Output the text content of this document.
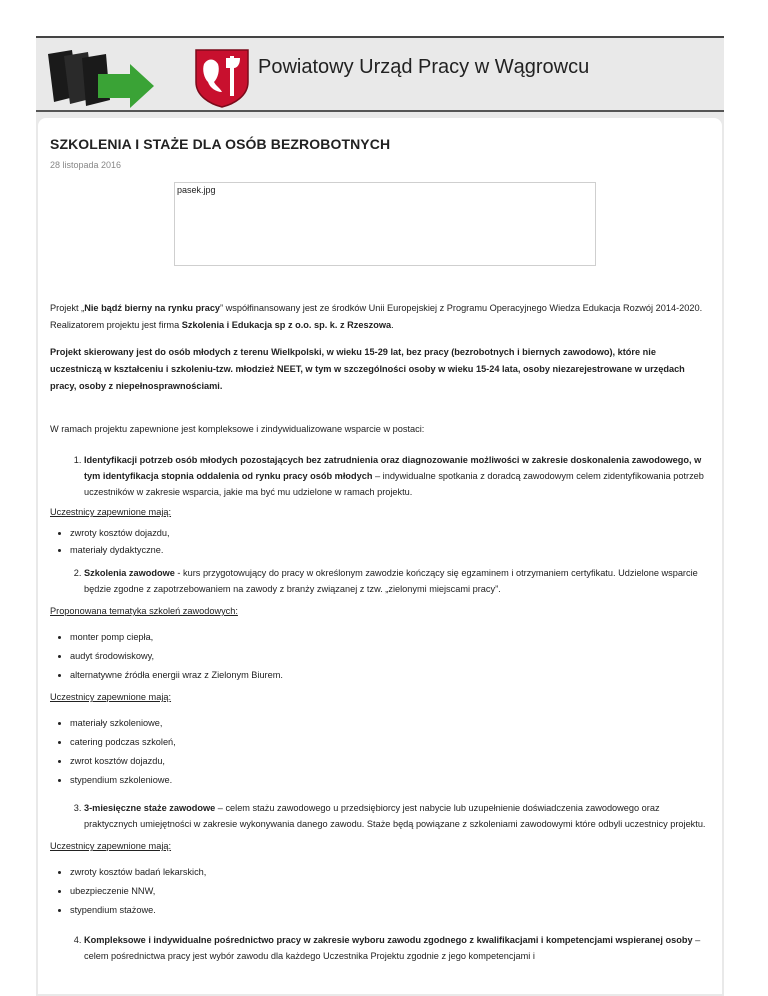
Powiatowy Urząd Pracy w Wągrowcu
SZKOLENIA I STAŻE DLA OSÓB BEZROBOTNYCH
28 listopada 2016
pasek.jpg

Projekt „Nie bądź bierny na rynku pracy” współfinansowany jest ze środków Unii Europejskiej z Programu Operacyjnego Wiedza Edukacja Rozwój 2014-2020. Realizatorem projektu jest firma Szkolenia i Edukacja sp z o.o. sp. k. z Rzeszowa.

Projekt skierowany jest do osób młodych z terenu Wielkpolski, w wieku 15-29 lat, bez pracy (bezrobotnych i biernych zawodowo), które nie uczestniczą w kształceniu i szkoleniu-tzw. młodzież NEET, w tym w szczególności osoby w wieku 15-24 lata, osoby niezarejestrowane w urzędach pracy, osoby z niepełnosprawnościami.

W ramach projektu zapewnione jest kompleksowe i zindywidualizowane wsparcie w postaci:

1. Identyfikacji potrzeb osób młodych pozostających bez zatrudnienia oraz diagnozowanie możliwości w zakresie doskonalenia zawodowego, w tym identyfikacja stopnia oddalenia od rynku pracy osób młodych – indywidualne spotkania z doradcą zawodowym celem zidentyfikowania potrzeb uczestników w zakresie wsparcia, jakie ma być mu udzielone w ramach projektu.
Uczestnicy zapewnione mają:
• zwroty kosztów dojazdu,
• materiały dydaktyczne.
2. Szkolenia zawodowe - kurs przygotowujący do pracy w określonym zawodzie kończący się egzaminem i otrzymaniem certyfikatu. Udzielone wsparcie będzie zgodne z zapotrzebowaniem na zawody z branży związanej z tzw. „zielonymi miejscami pracy”.
Proponowana tematyka szkoleń zawodowych:
• monter pomp ciepła,
• audyt środowiskowy,
• alternatywne źródła energii wraz z Zielonym Biurem.
Uczestnicy zapewnione mają:
• materiały szkoleniowe,
• catering podczas szkoleń,
• zwrot kosztów dojazdu,
• stypendium szkoleniowe.
3. 3-miesięczne staże zawodowe – celem stażu zawodowego u przedsiębiorcy jest nabycie lub uzupełnienie doświadczenia zawodowego oraz praktycznych umiejętności w zakresie wykonywania danego zawodu. Staże będą powiązane z szkoleniami zawodowymi które odbyli uczestnicy projektu.
Uczestnicy zapewnione mają:
• zwroty kosztów badań lekarskich,
• ubezpieczenie NNW,
• stypendium stażowe.
4. Kompleksowe i indywidualne pośrednictwo pracy w zakresie wyboru zawodu zgodnego z kwalifikacjami i kompetencjami wspieranej osoby – celem pośrednictwa pracy jest wybór zawodu dla każdego Uczestnika Projektu zgodnie z jego kompetencjami i
